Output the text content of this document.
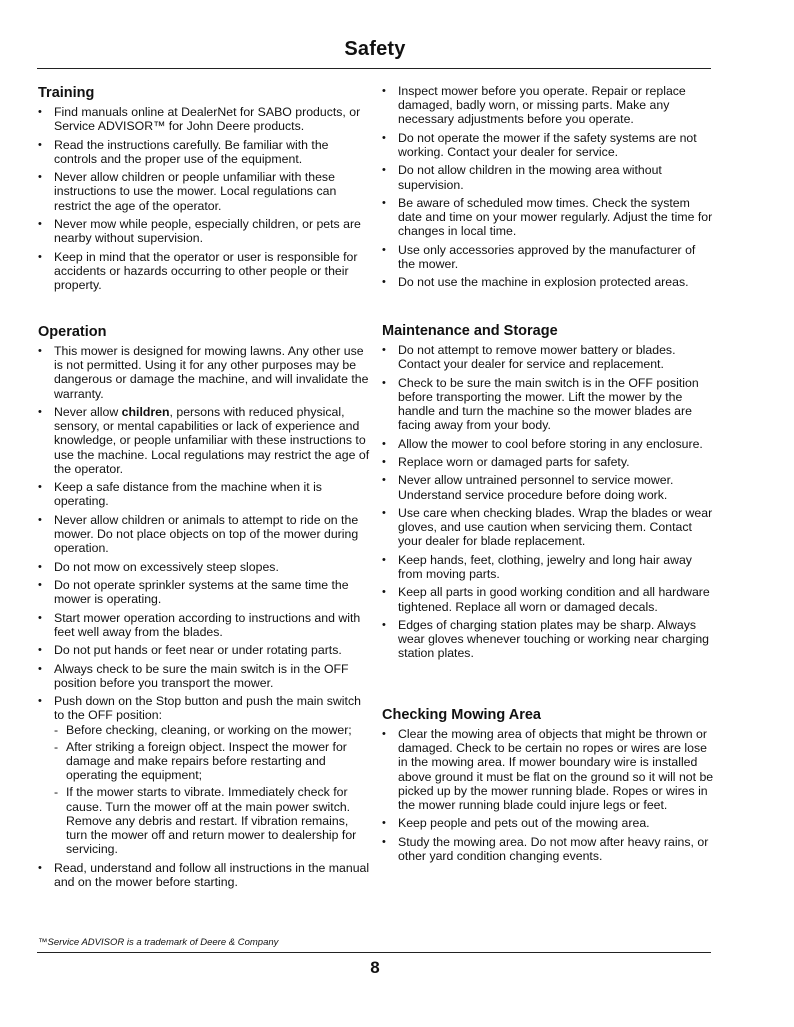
Safety
Training
• Find manuals online at DealerNet for SABO products, or Service ADVISOR™ for John Deere products.
• Read the instructions carefully. Be familiar with the controls and the proper use of the equipment.
• Never allow children or people unfamiliar with these instructions to use the mower. Local regulations can restrict the age of the operator.
• Never mow while people, especially children, or pets are nearby without supervision.
• Keep in mind that the operator or user is responsible for accidents or hazards occurring to other people or their property.
• Inspect mower before you operate. Repair or replace damaged, badly worn, or missing parts. Make any necessary adjustments before you operate.
• Do not operate the mower if the safety systems are not working. Contact your dealer for service.
• Do not allow children in the mowing area without supervision.
• Be aware of scheduled mow times. Check the system date and time on your mower regularly. Adjust the time for changes in local time.
• Use only accessories approved by the manufacturer of the mower.
• Do not use the machine in explosion protected areas.
Operation
• This mower is designed for mowing lawns. Any other use is not permitted. Using it for any other purposes may be dangerous or damage the machine, and will invalidate the warranty.
• Never allow children, persons with reduced physical, sensory, or mental capabilities or lack of experience and knowledge, or people unfamiliar with these instructions to use the machine. Local regulations may restrict the age of the operator.
• Keep a safe distance from the machine when it is operating.
• Never allow children or animals to attempt to ride on the mower. Do not place objects on top of the mower during operation.
• Do not mow on excessively steep slopes.
• Do not operate sprinkler systems at the same time the mower is operating.
• Start mower operation according to instructions and with feet well away from the blades.
• Do not put hands or feet near or under rotating parts.
• Always check to be sure the main switch is in the OFF position before you transport the mower.
• Push down on the Stop button and push the main switch to the OFF position:
- Before checking, cleaning, or working on the mower;
- After striking a foreign object. Inspect the mower for damage and make repairs before restarting and operating the equipment;
- If the mower starts to vibrate. Immediately check for cause. Turn the mower off at the main power switch. Remove any debris and restart. If vibration remains, turn the mower off and return mower to dealership for servicing.
• Read, understand and follow all instructions in the manual and on the mower before starting.
Maintenance and Storage
• Do not attempt to remove mower battery or blades. Contact your dealer for service and replacement.
• Check to be sure the main switch is in the OFF position before transporting the mower. Lift the mower by the handle and turn the machine so the mower blades are facing away from your body.
• Allow the mower to cool before storing in any enclosure.
• Replace worn or damaged parts for safety.
• Never allow untrained personnel to service mower. Understand service procedure before doing work.
• Use care when checking blades. Wrap the blades or wear gloves, and use caution when servicing them. Contact your dealer for blade replacement.
• Keep hands, feet, clothing, jewelry and long hair away from moving parts.
• Keep all parts in good working condition and all hardware tightened. Replace all worn or damaged decals.
• Edges of charging station plates may be sharp. Always wear gloves whenever touching or working near charging station plates.
Checking Mowing Area
• Clear the mowing area of objects that might be thrown or damaged. Check to be certain no ropes or wires are lose in the mowing area. If mower boundary wire is installed above ground it must be flat on the ground so it will not be picked up by the mower running blade. Ropes or wires in the mower running blade could injure legs or feet.
• Keep people and pets out of the mowing area.
• Study the mowing area. Do not mow after heavy rains, or other yard condition changing events.
™Service ADVISOR is a trademark of Deere & Company
8
